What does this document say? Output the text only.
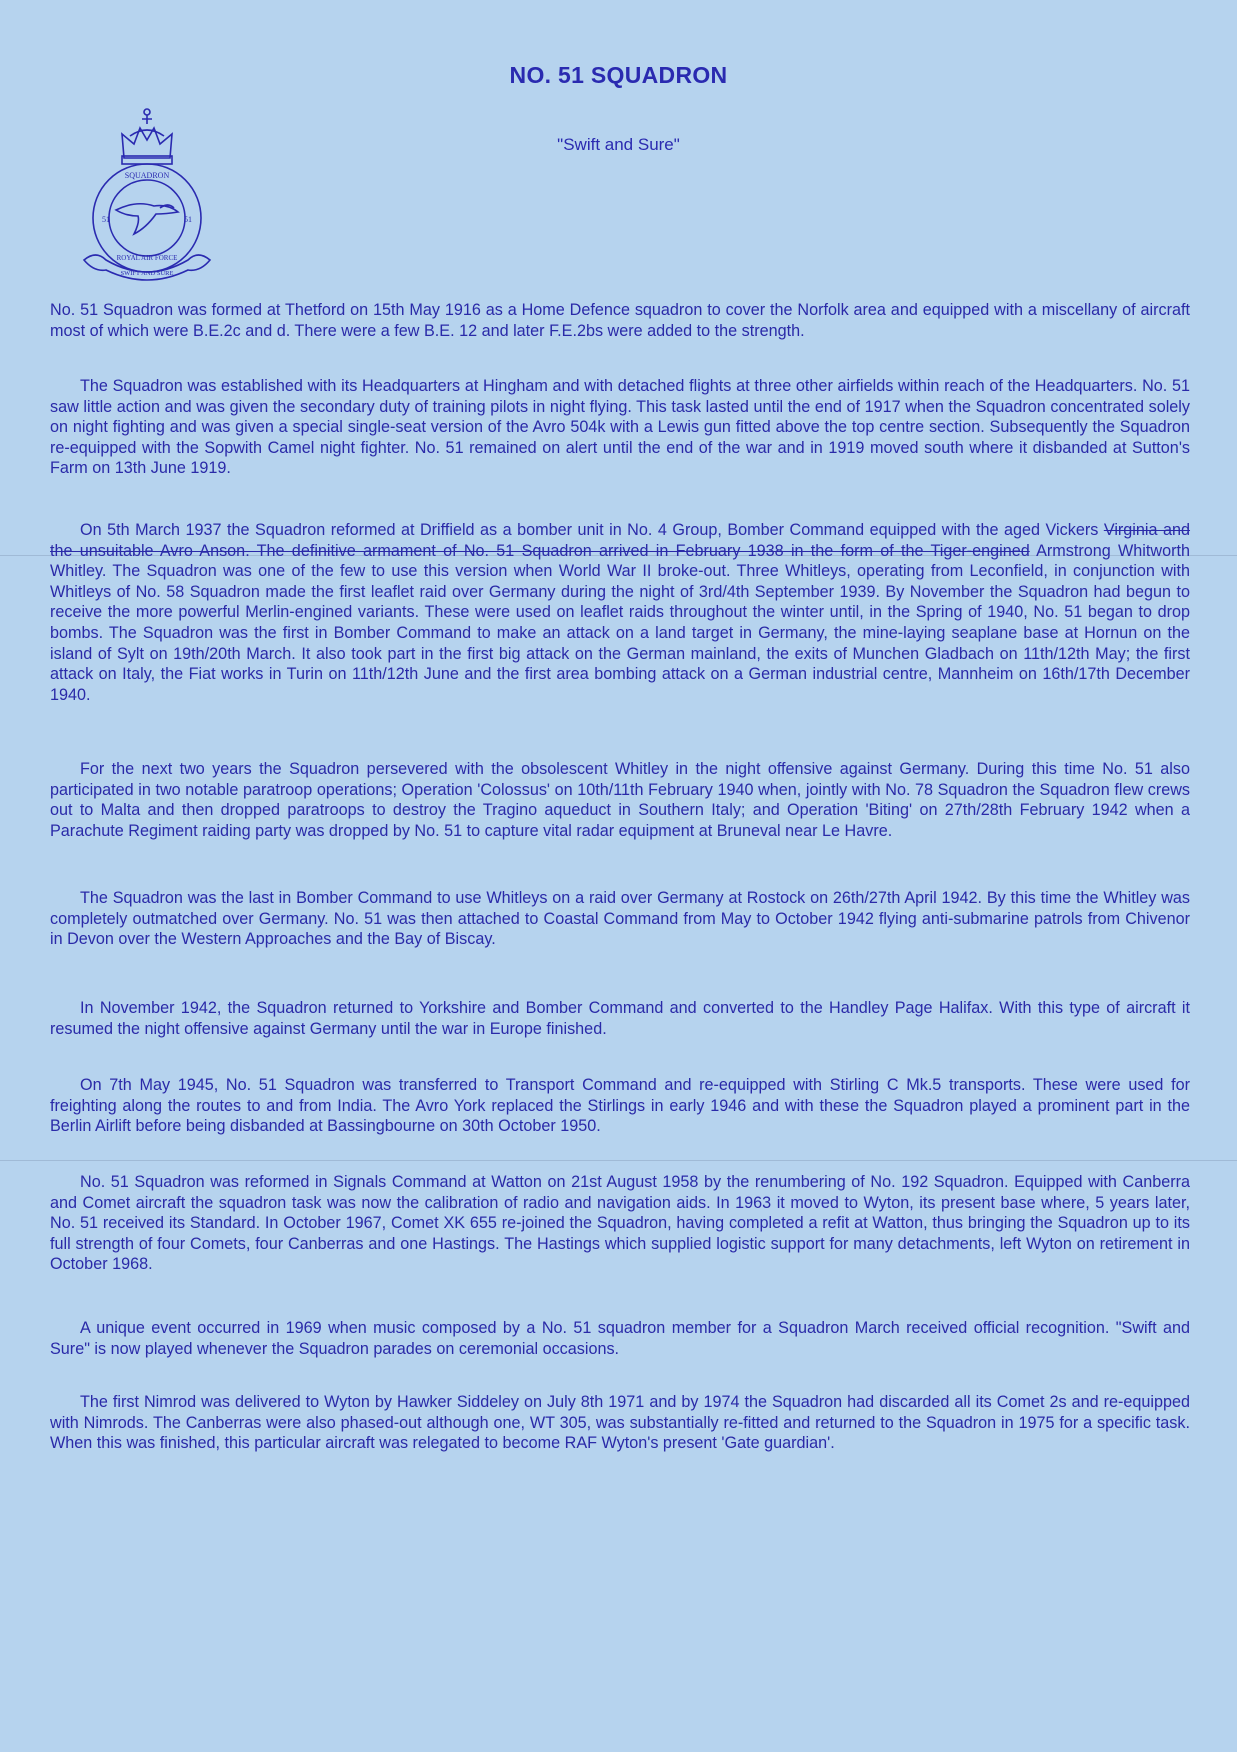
NO. 51 SQUADRON
"Swift and Sure"
SQUADRON
51	51
ROYAL AIR FORCE
SWIFT AND SURE

No. 51 Squadron was formed at Thetford on 15th May 1916 as a Home Defence squadron to cover the Norfolk area and equipped with a miscellany of aircraft most of which were B.E.2c and d. There were a few B.E. 12 and later F.E.2bs were added to the strength.

The Squadron was established with its Headquarters at Hingham and with detached flights at three other airfields within reach of the Headquarters. No. 51 saw little action and was given the secondary duty of training pilots in night flying. This task lasted until the end of 1917 when the Squadron concentrated solely on night fighting and was given a special single-seat version of the Avro 504k with a Lewis gun fitted above the top centre section. Subsequently the Squadron re-equipped with the Sopwith Camel night fighter. No. 51 remained on alert until the end of the war and in 1919 moved south where it disbanded at Sutton's Farm on 13th June 1919.

On 5th March 1937 the Squadron reformed at Driffield as a bomber unit in No. 4 Group, Bomber Command equipped with the aged Vickers Virginia and the unsuitable Avro Anson. The definitive armament of No. 51 Squadron arrived in February 1938 in the form of the Tiger-engined Armstrong Whitworth Whitley. The Squadron was one of the few to use this version when World War II broke-out. Three Whitleys, operating from Leconfield, in conjunction with Whitleys of No. 58 Squadron made the first leaflet raid over Germany during the night of 3rd/4th September 1939. By November the Squadron had begun to receive the more powerful Merlin-engined variants. These were used on leaflet raids throughout the winter until, in the Spring of 1940, No. 51 began to drop bombs. The Squadron was the first in Bomber Command to make an attack on a land target in Germany, the mine-laying seaplane base at Hornun on the island of Sylt on 19th/20th March. It also took part in the first big attack on the German mainland, the exits of Munchen Gladbach on 11th/12th May; the first attack on Italy, the Fiat works in Turin on 11th/12th June and the first area bombing attack on a German industrial centre, Mannheim on 16th/17th December 1940.

For the next two years the Squadron persevered with the obsolescent Whitley in the night offensive against Germany. During this time No. 51 also participated in two notable paratroop operations; Operation 'Colossus' on 10th/11th February 1940 when, jointly with No. 78 Squadron the Squadron flew crews out to Malta and then dropped paratroops to destroy the Tragino aqueduct in Southern Italy; and Operation 'Biting' on 27th/28th February 1942 when a Parachute Regiment raiding party was dropped by No. 51 to capture vital radar equipment at Bruneval near Le Havre.

The Squadron was the last in Bomber Command to use Whitleys on a raid over Germany at Rostock on 26th/27th April 1942. By this time the Whitley was completely outmatched over Germany. No. 51 was then attached to Coastal Command from May to October 1942 flying anti-submarine patrols from Chivenor in Devon over the Western Approaches and the Bay of Biscay.

In November 1942, the Squadron returned to Yorkshire and Bomber Command and converted to the Handley Page Halifax. With this type of aircraft it resumed the night offensive against Germany until the war in Europe finished.

On 7th May 1945, No. 51 Squadron was transferred to Transport Command and re-equipped with Stirling C Mk.5 transports. These were used for freighting along the routes to and from India. The Avro York replaced the Stirlings in early 1946 and with these the Squadron played a prominent part in the Berlin Airlift before being disbanded at Bassingbourne on 30th October 1950.

No. 51 Squadron was reformed in Signals Command at Watton on 21st August 1958 by the renumbering of No. 192 Squadron. Equipped with Canberra and Comet aircraft the squadron task was now the calibration of radio and navigation aids. In 1963 it moved to Wyton, its present base where, 5 years later, No. 51 received its Standard. In October 1967, Comet XK 655 re-joined the Squadron, having completed a refit at Watton, thus bringing the Squadron up to its full strength of four Comets, four Canberras and one Hastings. The Hastings which supplied logistic support for many detachments, left Wyton on retirement in October 1968.

A unique event occurred in 1969 when music composed by a No. 51 squadron member for a Squadron March received official recognition. "Swift and Sure" is now played whenever the Squadron parades on ceremonial occasions.

The first Nimrod was delivered to Wyton by Hawker Siddeley on July 8th 1971 and by 1974 the Squadron had discarded all its Comet 2s and re-equipped with Nimrods. The Canberras were also phased-out although one, WT 305, was substantially re-fitted and returned to the Squadron in 1975 for a specific task. When this was finished, this particular aircraft was relegated to become RAF Wyton's present 'Gate guardian'.
